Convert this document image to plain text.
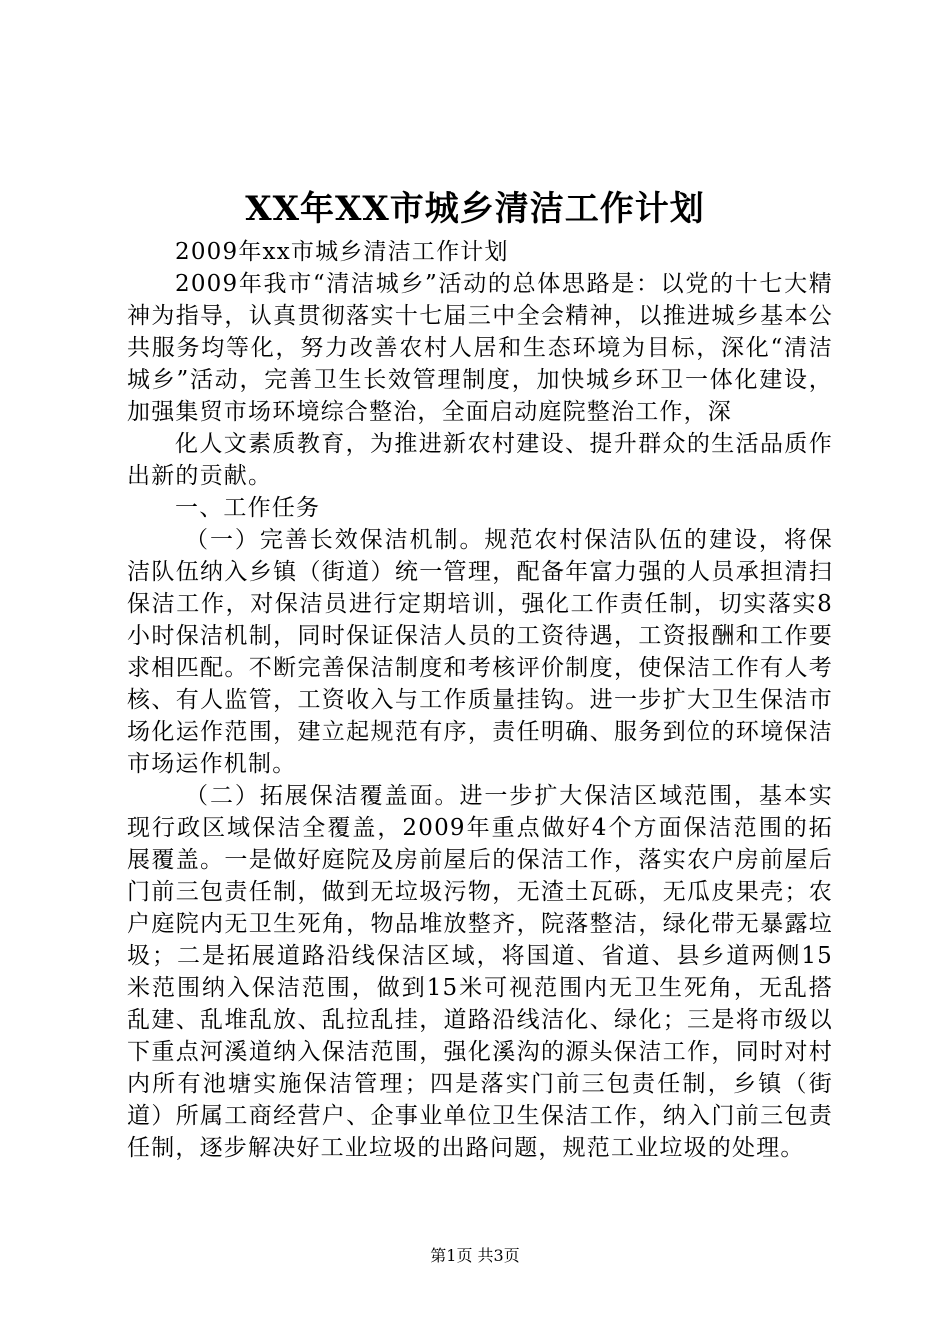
XX年XX市城乡清洁工作计划

2009年xx市城乡清洁工作计划

2009年我市“清洁城乡”活动的总体思路是：以党的十七大精神为指导，认真贯彻落实十七届三中全会精神，以推进城乡基本公共服务均等化，努力改善农村人居和生态环境为目标，深化“清洁城乡”活动，完善卫生长效管理制度，加快城乡环卫一体化建设，加强集贸市场环境综合整治，全面启动庭院整治工作，深

化人文素质教育，为推进新农村建设、提升群众的生活品质作出新的贡献。

一、工作任务

（一）完善长效保洁机制。规范农村保洁队伍的建设，将保洁队伍纳入乡镇（街道）统一管理，配备年富力强的人员承担清扫保洁工作，对保洁员进行定期培训，强化工作责任制，切实落实8小时保洁机制，同时保证保洁人员的工资待遇，工资报酬和工作要求相匹配。不断完善保洁制度和考核评价制度，使保洁工作有人考核、有人监管，工资收入与工作质量挂钩。进一步扩大卫生保洁市场化运作范围，建立起规范有序，责任明确、服务到位的环境保洁市场运作机制。

（二）拓展保洁覆盖面。进一步扩大保洁区域范围，基本实现行政区域保洁全覆盖，2009年重点做好4个方面保洁范围的拓展覆盖。一是做好庭院及房前屋后的保洁工作，落实农户房前屋后门前三包责任制，做到无垃圾污物，无渣土瓦砾，无瓜皮果壳；农户庭院内无卫生死角，物品堆放整齐，院落整洁，绿化带无暴露垃圾；二是拓展道路沿线保洁区域，将国道、省道、县乡道两侧15米范围纳入保洁范围，做到15米可视范围内无卫生死角，无乱搭乱建、乱堆乱放、乱拉乱挂，道路沿线洁化、绿化；三是将市级以下重点河溪道纳入保洁范围，强化溪沟的源头保洁工作，同时对村内所有池塘实施保洁管理；四是落实门前三包责任制，乡镇（街道）所属工商经营户、企事业单位卫生保洁工作，纳入门前三包责任制，逐步解决好工业垃圾的出路问题，规范工业垃圾的处理。

第1页 共3页
